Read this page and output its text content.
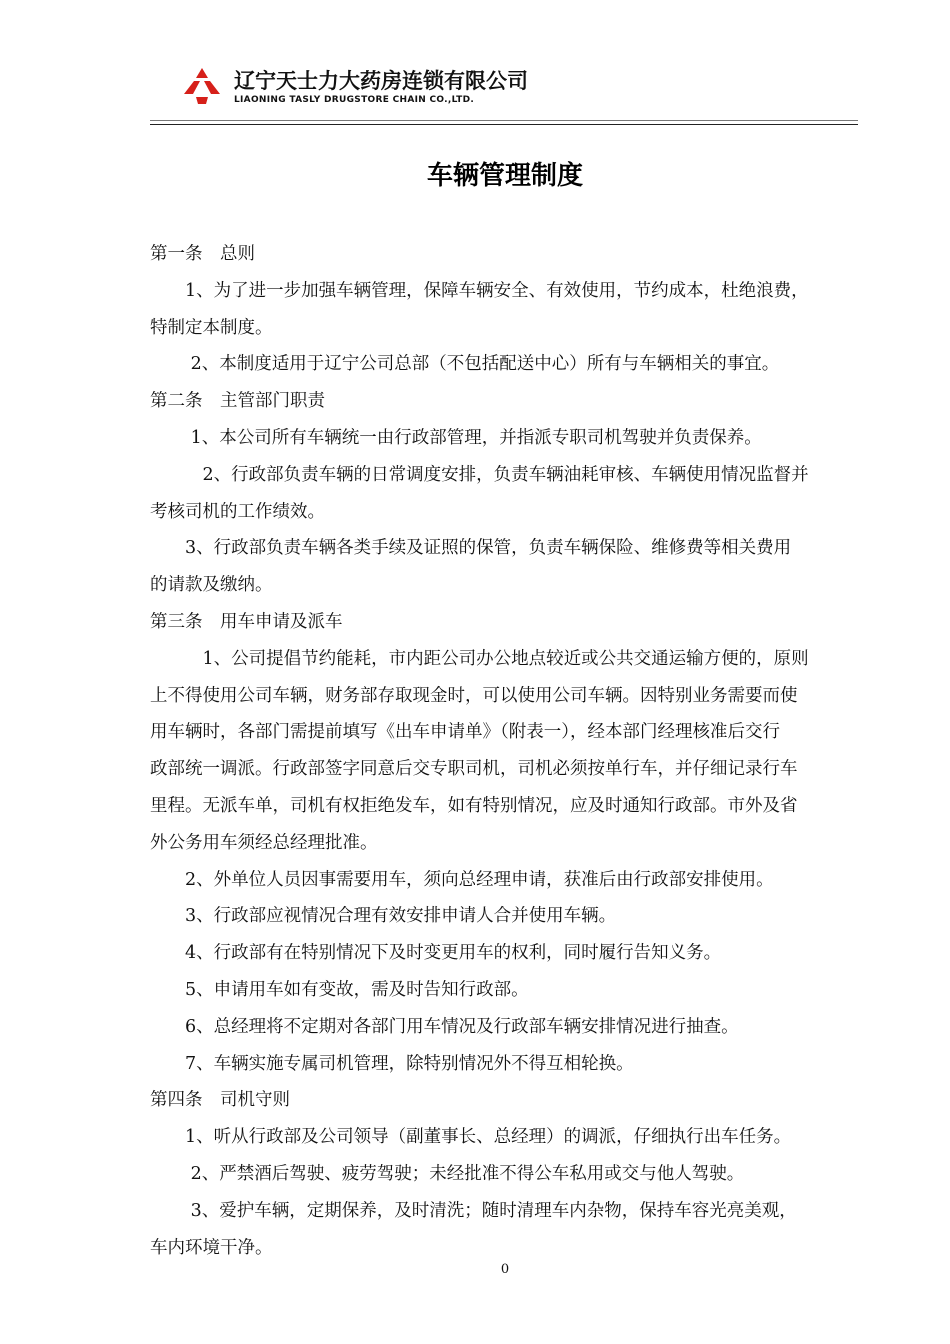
辽宁天士力大药房连锁有限公司
LIAONING TASLY DRUGSTORE CHAIN CO.,LTD.
车辆管理制度
第一条　总则
　　1、为了进一步加强车辆管理，保障车辆安全、有效使用，节约成本，杜绝浪费，
特制定本制度。
　　 2、本制度适用于辽宁公司总部（不包括配送中心）所有与车辆相关的事宜。
第二条　主管部门职责
　　 1、本公司所有车辆统一由行政部管理，并指派专职司机驾驶并负责保养。
　　　2、行政部负责车辆的日常调度安排，负责车辆油耗审核、车辆使用情况监督并
考核司机的工作绩效。
　　3、行政部负责车辆各类手续及证照的保管，负责车辆保险、维修费等相关费用
的请款及缴纳。
第三条　用车申请及派车
　　　1、公司提倡节约能耗，市内距公司办公地点较近或公共交通运输方便的，原则
上不得使用公司车辆，财务部存取现金时，可以使用公司车辆。因特别业务需要而使
用车辆时，各部门需提前填写《出车申请单》（附表一），经本部门经理核准后交行
政部统一调派。行政部签字同意后交专职司机，司机必须按单行车，并仔细记录行车
里程。无派车单，司机有权拒绝发车，如有特别情况，应及时通知行政部。市外及省
外公务用车须经总经理批准。
　　2、外单位人员因事需要用车，须向总经理申请，获准后由行政部安排使用。
　　3、行政部应视情况合理有效安排申请人合并使用车辆。
　　4、行政部有在特别情况下及时变更用车的权利，同时履行告知义务。
　　5、申请用车如有变故，需及时告知行政部。
　　6、总经理将不定期对各部门用车情况及行政部车辆安排情况进行抽查。
　　7、车辆实施专属司机管理，除特别情况外不得互相轮换。
第四条　司机守则
　　1、听从行政部及公司领导（副董事长、总经理）的调派，仔细执行出车任务。
　　 2、严禁酒后驾驶、疲劳驾驶；未经批准不得公车私用或交与他人驾驶。
　　 3、爱护车辆，定期保养，及时清洗；随时清理车内杂物，保持车容光亮美观，
车内环境干净。
0
